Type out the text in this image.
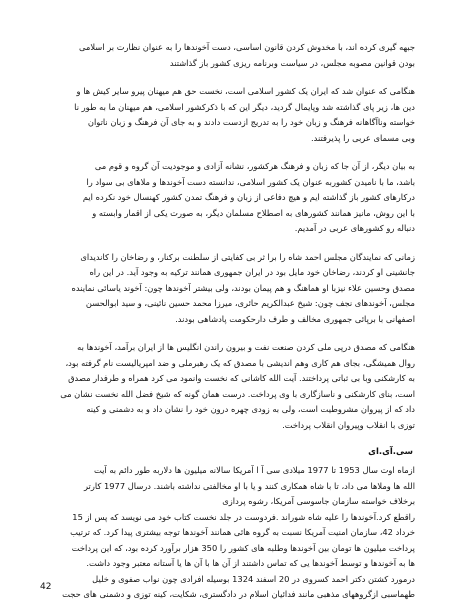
جبهه گیری کرده اند، با مخدوش کردن قانون اساسی، دست آخوندها را به عنوان نظارت بر اسلامی
بودن قوانین مصوبه مجلس، در سیاست وبرنامه ریزی کشور باز گذاشتند
هنگامی که عنوان شد که ایران یک کشور اسلامی است، نخست حق هم میهنان پیرو سایر کیش ها و
دین ها، زیر پای گذاشته شد وپایمال گردید، دیگر این که با ذکرکشور اسلامی، هم میهنان ما به طور نا
خواسته وناآگاهانه فرهنگ و زبان خود را به تدریج ازدست دادند و به جای آن فرهنگ و زبان ناتوان
وبی مسمای عربی را پذیرفتند.
به بیان دیگر، از آن جا که زبان و فرهنگ هرکشور، نشانه آزادی و موجودیت آن گروه و قوم می
باشد، ما با نامیدن کشوربه عنوان یک کشور اسلامی، ندانسته دست آخوندها و ملاهای بی سواد را
درکارهای کشور باز گذاشته ایم و هیچ دفاعی از زبان و فرهنگ تمدن کشور کهنسال خود نکرده ایم
با این روش، مانیز همانند کشورهای به اصطلاح مسلمان دیگر، به صورت یکی از اقمار وابسته و
دنباله رو کشورهای عربی در آمدیم.
زمانی که نمایندگان مجلس احمد شاه را برا ثر بی کفایتی از سلطنت برکنار، و رضاخان را کاندیدای
جانشینی او کردند، رضاخان خود مایل بود در ایران جمهوری همانند ترکیه به وجود آید. در این راه
مصدق وحسین علاء نیزبا او هماهنگ و هم پیمان بودند، ولی بیشتر آخوندها چون: آخوند یاسائی نماینده
مجلس، آخوندهای نجف چون: شیخ عبدالکریم حائری، میرزا محمد حسین نائینی، و سید ابوالحسن
اصفهانی با برپائی جمهوری مخالف و طرف دارحکومت پادشاهی بودند.
هنگامی که مصدق درپی ملی کردن صنعت نفت و بیرون راندن انگلیس ها از ایران برآمد، آخوندها به
روال همیشگی، بجای هم کاری وهم اندیشی با مصدق که یک رهبرملی و ضد امپریالیست نام گرفته بود،
به کارشکنی وبا بی ثباتی پرداختند. آیت الله کاشانی که نخست وانمود می کرد همراه و طرفدار مصدق
است، بنای کارشکنی و ناسازگاری با وی پرداخت. درست همان گونه که شیخ فضل الله نخست نشان می
داد که از پیروان مشروطیت است، ولی به زودی چهره درون خود را نشان داد و به دشمنی و کینه
توزی با انقلاب وپیروان انقلاب پرداخت.
سی.آی.ای
ازماه اوت سال 1953 تا 1977 میلادی سی آ ا آمریکا سالانه میلیون ها دلاربه طور دائم به آیت
الله ها وملاها می داد، تا با شاه همکاری کنند و یا با او مخالفتی نداشته باشند. درسال 1977 کارتر
برخلاف خواسته سازمان جاسوسی آمریکا، رشوه پردازی
راقطع کرد.آخوندها را علیه شاه شوراند .فردوست در جلد نخست کتاب خود می نویسد که پس از 15
خرداد 42، سازمان امنیت آمریکا نسبت به گروه هائی همانند آخوندها توجه بیشتری پیدا کرد. که ترتیب
پرداخت میلیون ها تومان بین آخوندها وطلبه های کشور را 350 هزار برآورد کرده بود، که این پرداخت
ها به آخوندها و توسط آخوندها یی که تماس داشتند از آن ها با آن ها یا آستانه معتبر وجود داشت.
درمورد کشتن دکتر احمد کسروی در 20 اسفند 1324 بوسیله افرادی چون نواب صفوی و خلیل
طهماسبی ازگروههای مذهبی مانند فدائیان اسلام در دادگستری، شکایت، کینه توزی و دشمنی های حجت
42
